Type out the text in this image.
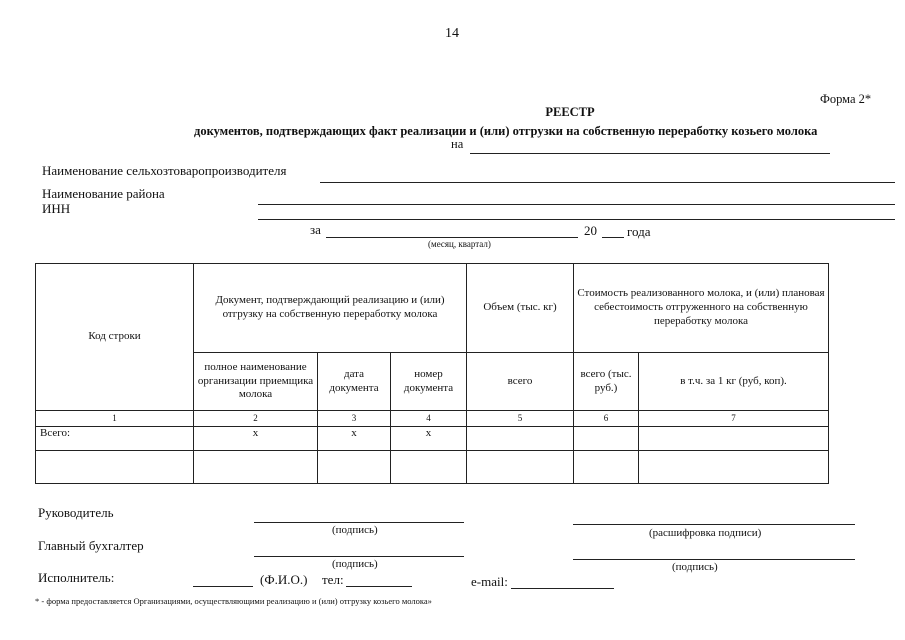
14
Форма 2*
РЕЕСТР
документов, подтверждающих факт реализации и (или) отгрузки на собственную переработку козьего молока
на
Наименование сельхозтоваропроизводителя
Наименование района
ИНН
за	20 года
(месяц, квартал)
Код строки	Документ, подтверждающий реализацию и (или) отгрузку на собственную переработку молока			Объем (тыс. кг)	Стоимость реализованного молока, и (или) плановая себестоимость отгруженного на собственную переработку молока	
	полное наименование организации приемщика молока	дата документа	номер документа	всего	всего (тыс. руб.)	в т.ч. за 1 кг (руб, коп).
1	2	3	4	5	6	7
Всего:	x	x	x			

Руководитель
(подпись)	(расшифровка подписи)
Главный бухгалтер
(подпись)	(подпись)
Исполнитель:	(Ф.И.О.) тел:	e-mail:
* - форма предоставляется Организациями, осуществляющими реализацию и (или) отгрузку козьего молока»
